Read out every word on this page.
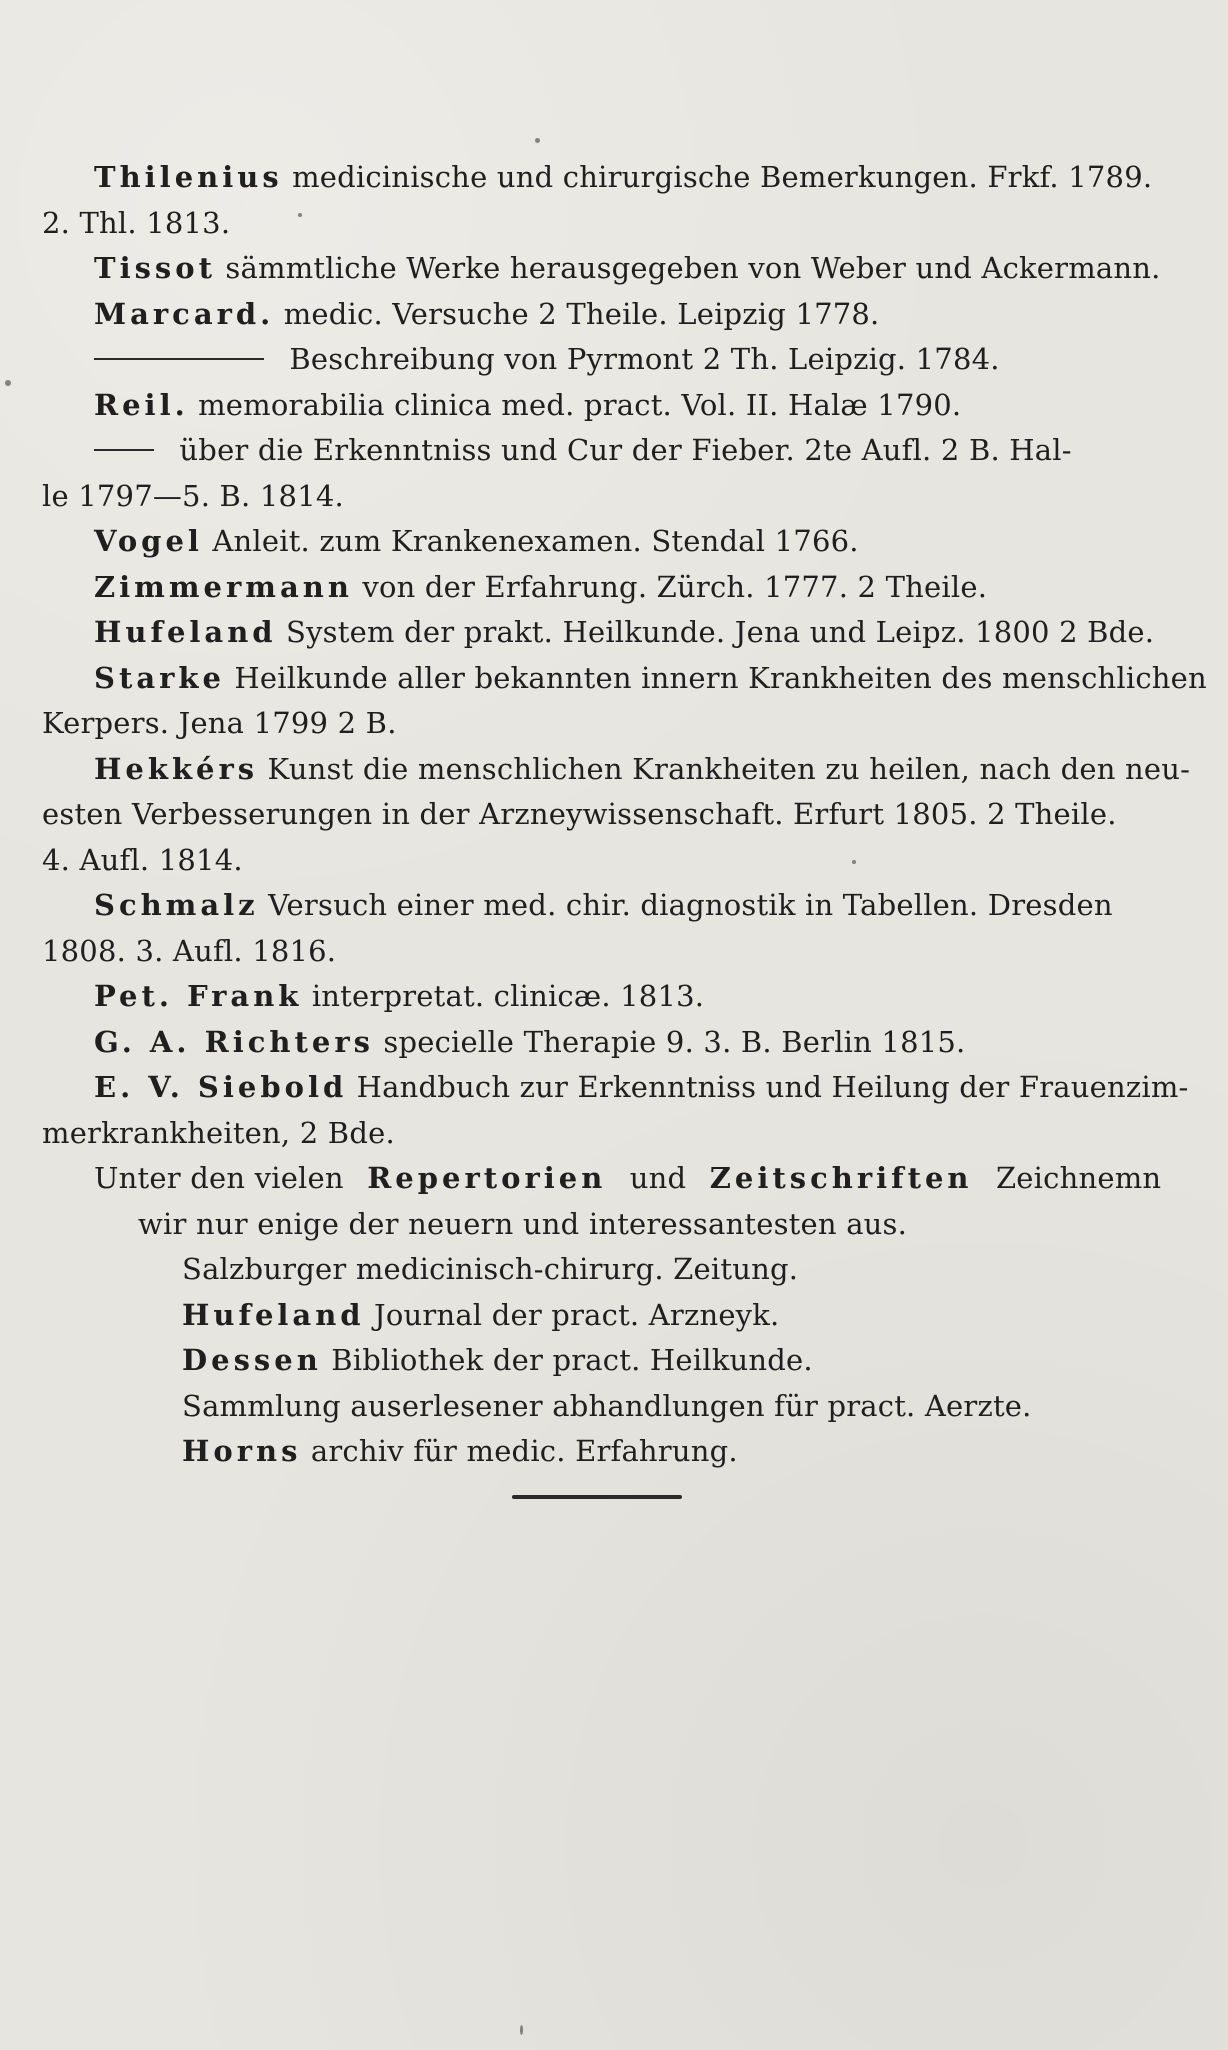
Thilenius medicinische und chirurgische Bemerkungen. Frkf. 1789.
2. Thl. 1813.
Tissot sämmtliche Werke herausgegeben von Weber und Ackermann.
Marcard. medic. Versuche 2 Theile. Leipzig 1778.
Beschreibung von Pyrmont 2 Th. Leipzig. 1784.
Reil. memorabilia clinica med. pract. Vol. II. Halæ 1790.
über die Erkenntniss und Cur der Fieber. 2te Aufl. 2 B. Hal-
le 1797—5. B. 1814.
Vogel Anleit. zum Krankenexamen. Stendal 1766.
Zimmermann von der Erfahrung. Zürch. 1777. 2 Theile.
Hufeland System der prakt. Heilkunde. Jena und Leipz. 1800 2 Bde.
Starke Heilkunde aller bekannten innern Krankheiten des menschlichen
Kerpers. Jena 1799 2 B.
Hekkérs Kunst die menschlichen Krankheiten zu heilen, nach den neu-
esten Verbesserungen in der Arzneywissenschaft. Erfurt 1805. 2 Theile.
4. Aufl. 1814.
Schmalz Versuch einer med. chir. diagnostik in Tabellen. Dresden
1808. 3. Aufl. 1816.
Pet. Frank interpretat. clinicæ. 1813.
G. A. Richters specielle Therapie 9. 3. B. Berlin 1815.
E. V. Siebold Handbuch zur Erkenntniss und Heilung der Frauenzim-
merkrankheiten, 2 Bde.
Unter den vielen Repertorien und Zeitschriften Zeichnemn
wir nur enige der neuern und interessantesten aus.
Salzburger medicinisch-chirurg. Zeitung.
Hufeland Journal der pract. Arzneyk.
Dessen Bibliothek der pract. Heilkunde.
Sammlung auserlesener abhandlungen für pract. Aerzte.
Horns archiv für medic. Erfahrung.
